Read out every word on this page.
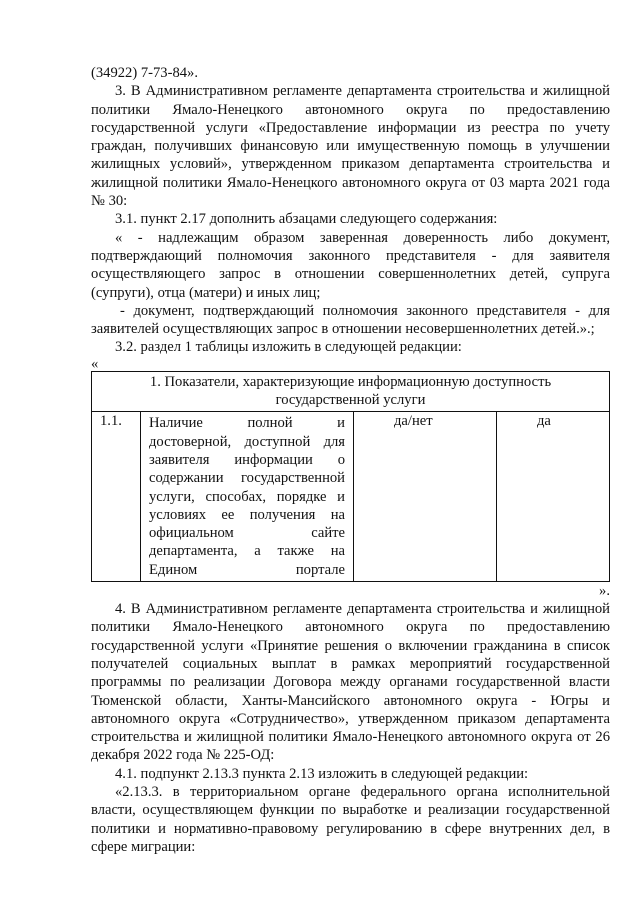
(34922) 7-73-84».

3. В Административном регламенте департамента строительства и жилищной политики Ямало-Ненецкого автономного округа по предоставлению государственной услуги «Предоставление информации из реестра по учету граждан, получивших финансовую или имущественную помощь в улучшении жилищных условий», утвержденном приказом департамента строительства и жилищной политики Ямало-Ненецкого автономного округа от 03 марта 2021 года № 30:

3.1. пункт 2.17 дополнить абзацами следующего содержания:

« - надлежащим образом заверенная доверенность либо документ, подтверждающий полномочия законного представителя - для заявителя осуществляющего запрос в отношении совершеннолетних детей, супруга (супруги), отца (матери) и иных лиц;

- документ, подтверждающий полномочия законного представителя - для заявителей осуществляющих запрос в отношении несовершеннолетних детей.».;

3.2. раздел 1 таблицы изложить в следующей редакции:

«

1. Показатели, характеризующие информационную доступность государственной услуги
1.1.	Наличие полной и достоверной, доступной для заявителя информации о содержании государственной услуги, способах, порядке и условиях ее получения на официальном сайте департамента, а также на Едином портале	да/нет	да

».

4. В Административном регламенте департамента строительства и жилищной политики Ямало-Ненецкого автономного округа по предоставлению государственной услуги «Принятие решения о включении гражданина в список получателей социальных выплат в рамках мероприятий государственной программы по реализации Договора между органами государственной власти Тюменской области, Ханты-Мансийского автономного округа - Югры и автономного округа «Сотрудничество», утвержденном приказом департамента строительства и жилищной политики Ямало-Ненецкого автономного округа от 26 декабря 2022 года № 225-ОД:

4.1. подпункт 2.13.3 пункта 2.13 изложить в следующей редакции:

«2.13.3. в территориальном органе федерального органа исполнительной власти, осуществляющем функции по выработке и реализации государственной политики и нормативно-правовому регулированию в сфере внутренних дел, в сфере миграции:
